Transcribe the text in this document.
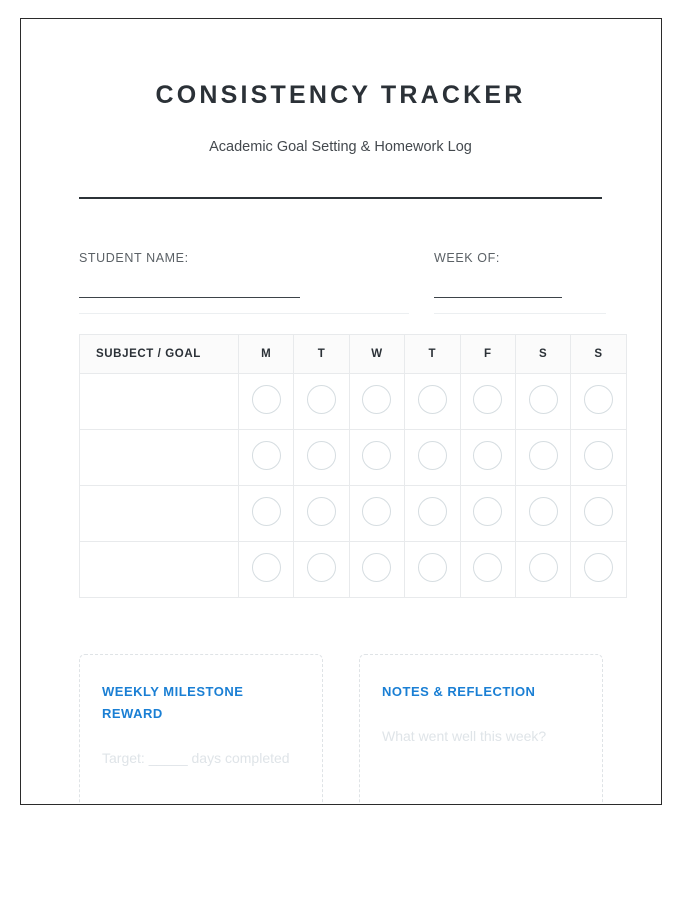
CONSISTENCY TRACKER
Academic Goal Setting & Homework Log
STUDENT NAME:	WEEK OF:
SUBJECT / GOAL	M	T	W	T	F	S	S

WEEKLY MILESTONE REWARD
Target: _____ days completed
NOTES & REFLECTION
What went well this week?
